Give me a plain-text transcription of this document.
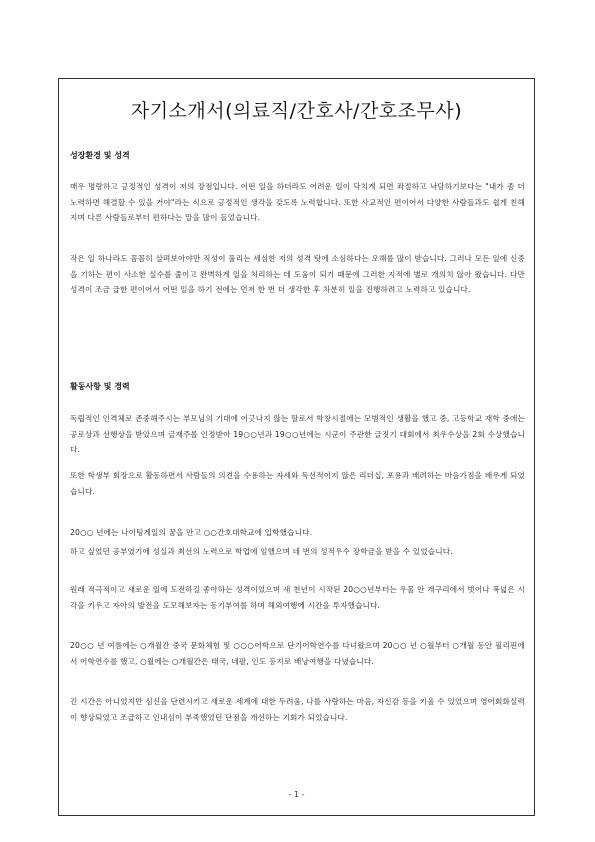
자기소개서(의료직/간호사/간호조무사)
성장환경 및 성격

매우 명랑하고 긍정적인 성격이 저의 장점입니다. 어떤 일을 하더라도 어려운 일이 닥치게 되면 좌절하고 낙담하기보다는 "내가 좀 더 노력하면 해결할 수 있을 거야"라는 식으로 긍정적인 생각을 갖도록 노력합니다. 또한 사교적인 편이어서 다양한 사람들과도 쉽게 친해지며 다른 사람들로부터 편하다는 말을 많이 들었습니다.

작은 일 하나라도 꼼꼼히 살펴보아야만 직성이 풀리는 세심한 저의 성격 탓에 소심하다는 오해를 많이 받습니다. 그러나 모든 일에 신중을 기하는 편이 사소한 실수를 줄이고 완벽하게 일을 처리하는 데 도움이 되기 때문에 그러한 지적에 별로 개의치 않아 왔습니다. 다만 성격이 조금 급한 편이어서 어떤 일을 하기 전에는 먼저 한 번 더 생각한 후 차분히 일을 진행하려고 노력하고 있습니다.

활동사항 및 경력

독립적인 인격체로 존중해주시는 부모님의 기대에 어긋나지 않는 딸로서 학창시절에는 모범적인 생활을 했고 중, 고등학교 재학 중에는 공로상과 선행상을 받았으며 글재주를 인정받아 19○○년과 19○○년에는 시군이 주관한 글짓기 대회에서 최우수상을 2회 수상했습니다.

또한 학생부 회장으로 활동하면서 사람들의 의견을 수용하는 자세와 독선적이지 않은 리더십, 포용과 배려하는 마음가짐을 배우게 되었습니다.

20○○ 년에는 나이팅게일의 꿈을 안고 ○○간호대학교에 입학했습니다.

하고 싶었던 공부였기에 성실과 최선의 노력으로 학업에 임했으며 네 번의 성적우수 장학금을 받을 수 있었습니다.

원래 적극적이고 새로운 일에 도전하길 좋아하는 성격이었으며 새 천년이 시작된 20○○년부터는 우물 안 개구리에서 벗어나 폭넓은 시각을 키우고 자아의 발전을 도모해보자는 동기부여를 하며 해외여행에 시간을 투자했습니다.

20○○ 년 여름에는 ○개월간 중국 문화체험 및 ○○○어학으로 단기어학연수를 다녀왔으며 20○○ 년 ○월부터 ○개월 동안 필리핀에서 어학연수를 했고, ○월에는 ○개월간은 태국, 네팔, 인도 등지로 배낭여행을 다녔습니다.

긴 시간은 아니었지만 심신을 단련시키고 새로운 세계에 대한 두려움, 나를 사랑하는 마음, 자신감 등을 키울 수 있었으며 영어회화실력이 향상되었고 조급하고 인내심이 부족했었던 단점을 개선하는 기회가 되었습니다.

- 1 -
